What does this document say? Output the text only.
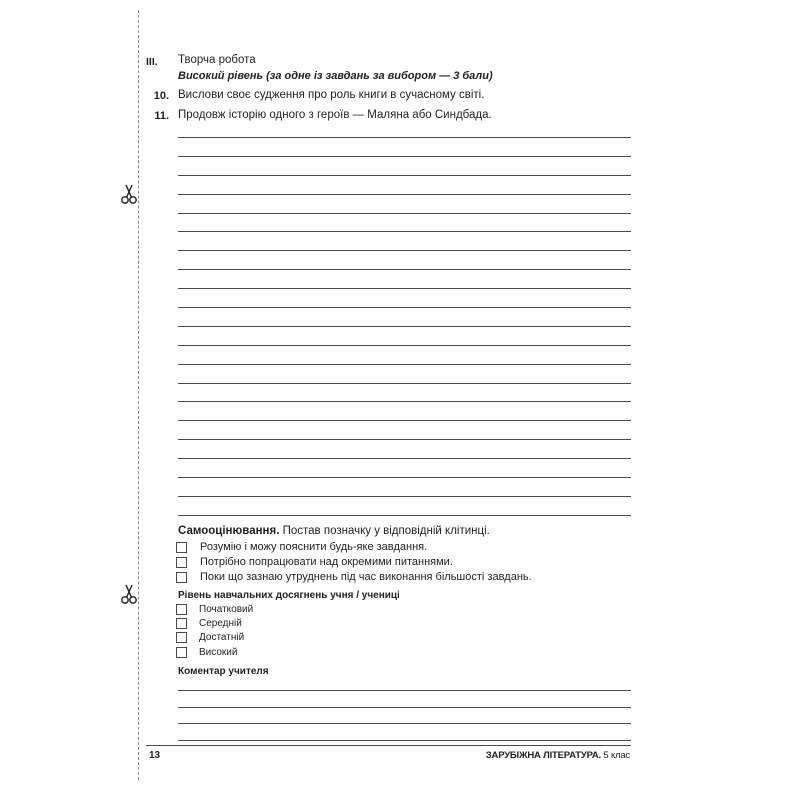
III. Творча робота
Високий рівень (за одне із завдань за вибором — 3 бали)
10. Вислови своє судження про роль книги в сучасному світі.
11. Продовж історію одного з героїв — Маляна або Синдбада.
Самооцінювання. Постав позначку у відповідній клітинці.
Розумію і можу пояснити будь-яке завдання.
Потрібно попрацювати над окремими питаннями.
Поки що зазнаю утруднень під час виконання більшості завдань.
Рівень навчальних досягнень учня / учениці
Початковий
Середній
Достатній
Високий
Коментар учителя
13	ЗАРУБІЖНА ЛІТЕРАТУРА. 5 клас
